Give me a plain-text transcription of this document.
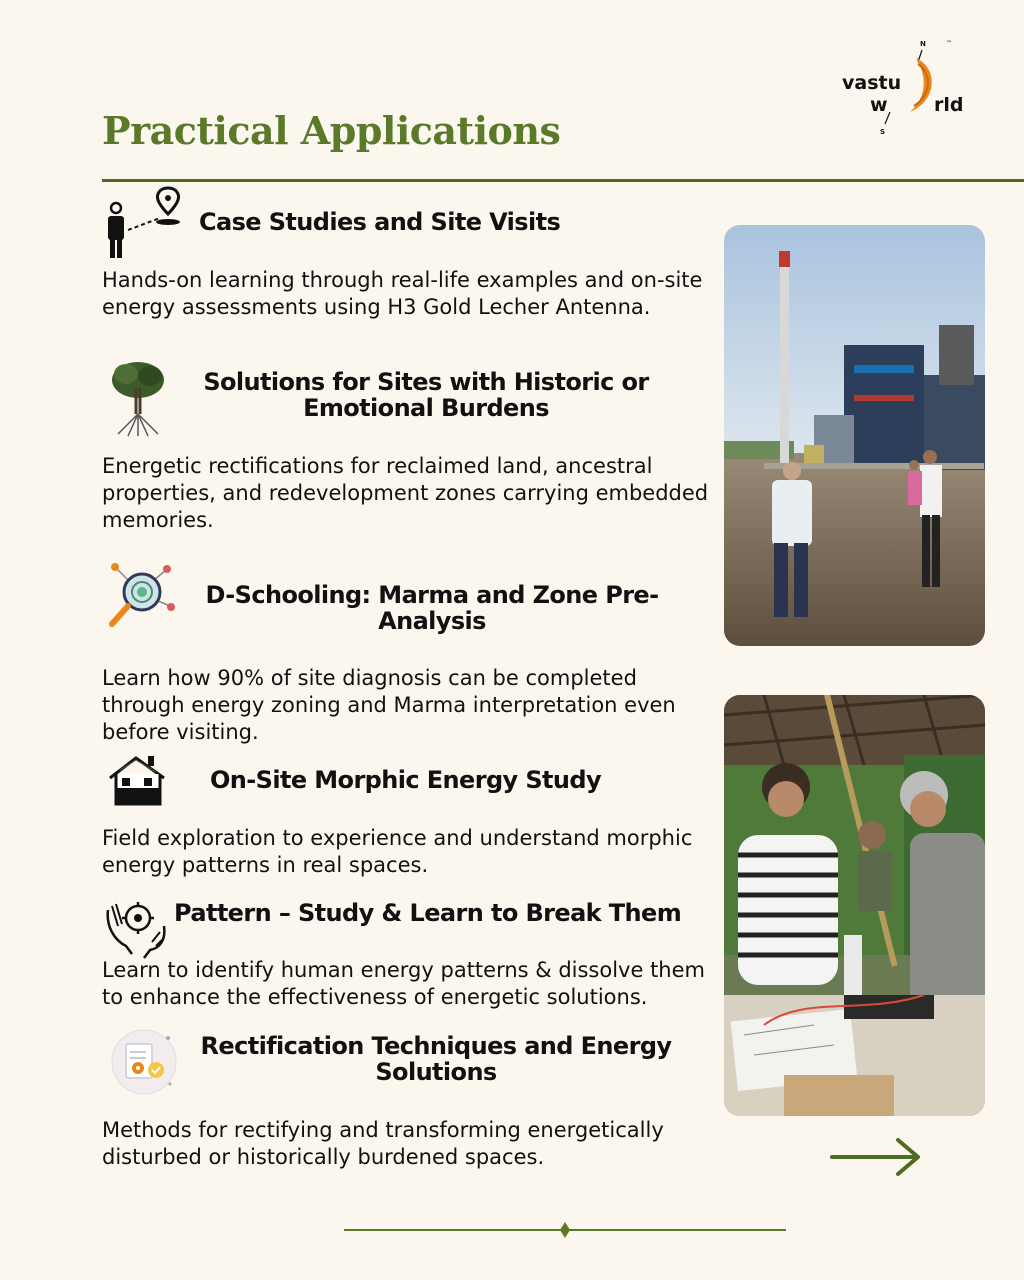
N	™
vastu
w rld
S
Practical Applications
Case Studies and Site Visits

Hands-on learning through real-life examples and on-site energy assessments using H3 Gold Lecher Antenna.

Solutions for Sites with Historic or
Emotional Burdens

Energetic rectifications for reclaimed land, ancestral properties, and redevelopment zones carrying embedded memories.

D-Schooling: Marma and Zone Pre-
Analysis

Learn how 90% of site diagnosis can be completed through energy zoning and Marma interpretation even before visiting.

On-Site Morphic Energy Study

Field exploration to experience and understand morphic energy patterns in real spaces.

Pattern – Study & Learn to Break Them

Learn to identify human energy patterns & dissolve them to enhance the effectiveness of energetic solutions.

Rectification Techniques and Energy
Solutions

Methods for rectifying and transforming energetically disturbed or historically burdened spaces.
